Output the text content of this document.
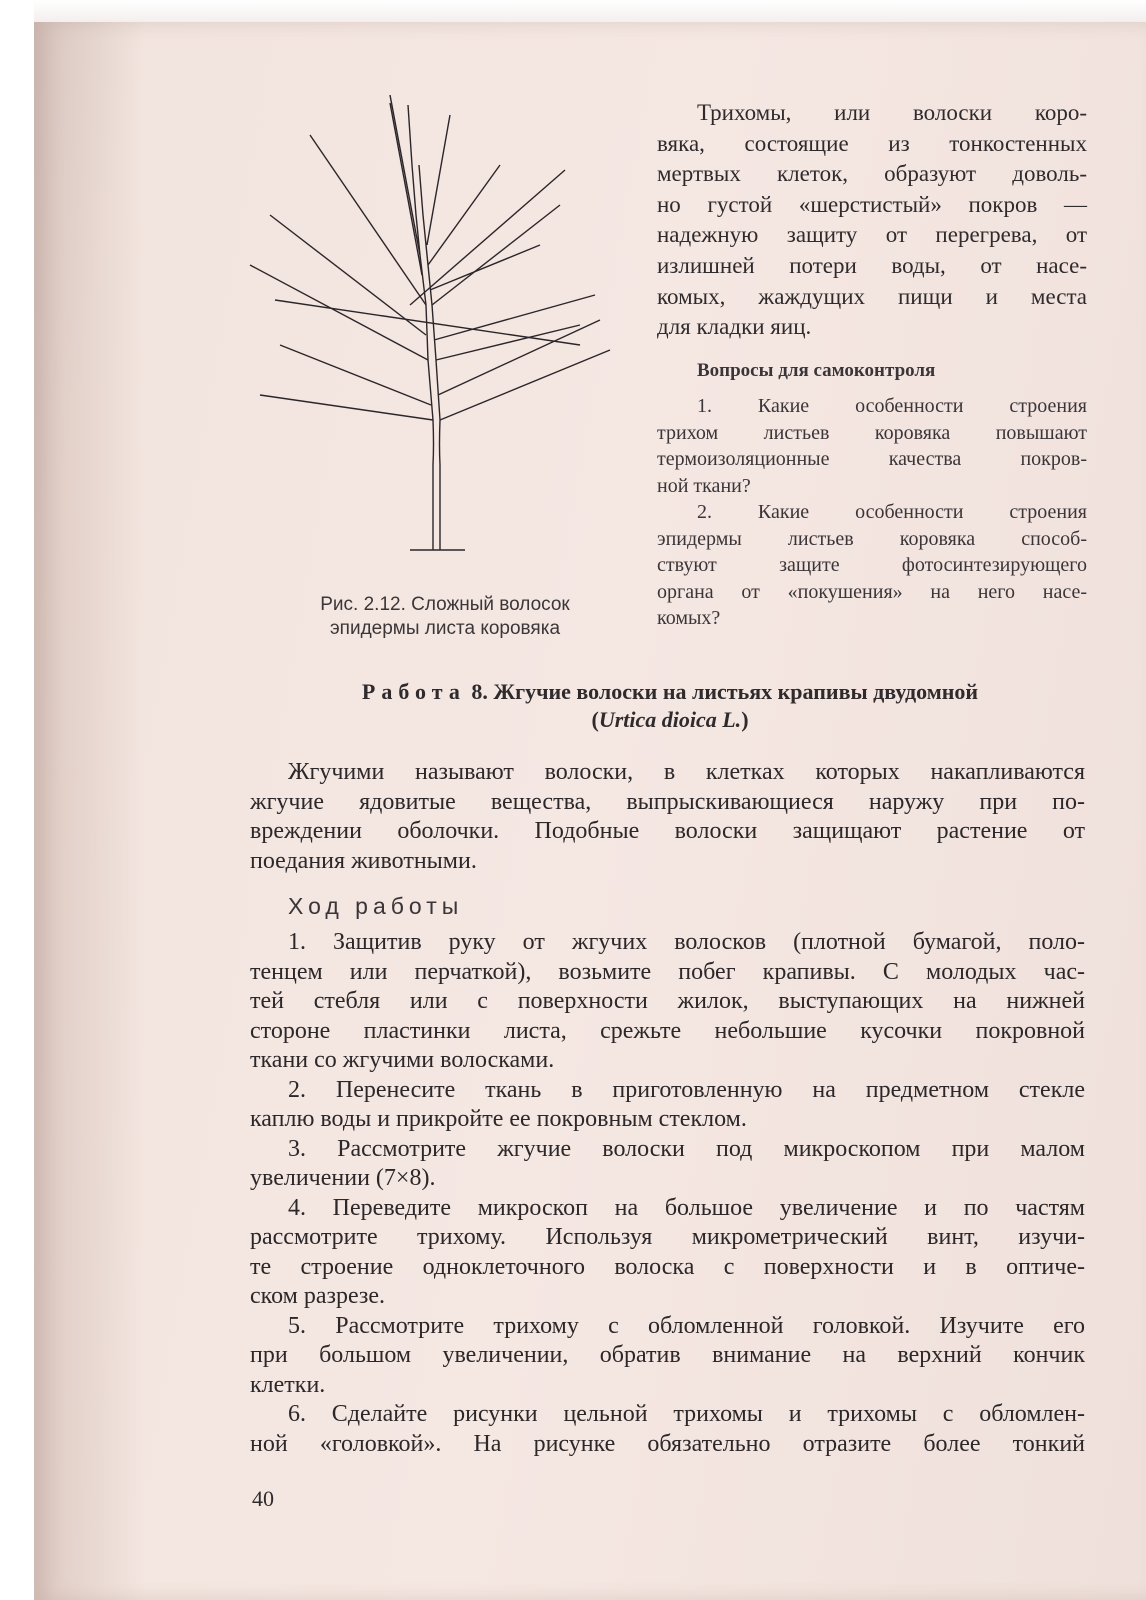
Рис. 2.12. Сложный волосок
эпидермы листа коровяка

Трихомы, или волоски коро-

вяка, состоящие из тонкостенных

мертвых клеток, образуют доволь-

но густой «шерстистый» покров —

надежную защиту от перегрева, от

излишней потери воды, от насе-

комых, жаждущих пищи и места

для кладки яиц.

Вопросы для самоконтроля

1. Какие особенности строения

трихом листьев коровяка повышают

термоизоляционные качества покров-

ной ткани?

2. Какие особенности строения

эпидермы листьев коровяка способ-

ствуют защите фотосинтезирующего

органа от «покушения» на него насе-

комых?

Работа 8. Жгучие волоски на листьях крапивы двудомной
(Urtica dioica L.)

Жгучими называют волоски, в клетках которых накапливаются

жгучие ядовитые вещества, выпрыскивающиеся наружу при по-

вреждении оболочки. Подобные волоски защищают растение от

поедания животными.

Ход работы

1. Защитив руку от жгучих волосков (плотной бумагой, поло-

тенцем или перчаткой), возьмите побег крапивы. С молодых час-

тей стебля или с поверхности жилок, выступающих на нижней

стороне пластинки листа, срежьте небольшие кусочки покровной

ткани со жгучими волосками.

2. Перенесите ткань в приготовленную на предметном стекле

каплю воды и прикройте ее покровным стеклом.

3. Рассмотрите жгучие волоски под микроскопом при малом

увеличении (7×8).

4. Переведите микроскоп на большое увеличение и по частям

рассмотрите трихому. Используя микрометрический винт, изучи-

те строение одноклеточного волоска с поверхности и в оптиче-

ском разрезе.

5. Рассмотрите трихому с обломленной головкой. Изучите его

при большом увеличении, обратив внимание на верхний кончик

клетки.

6. Сделайте рисунки цельной трихомы и трихомы с обломлен-

ной «головкой». На рисунке обязательно отразите более тонкий

40
